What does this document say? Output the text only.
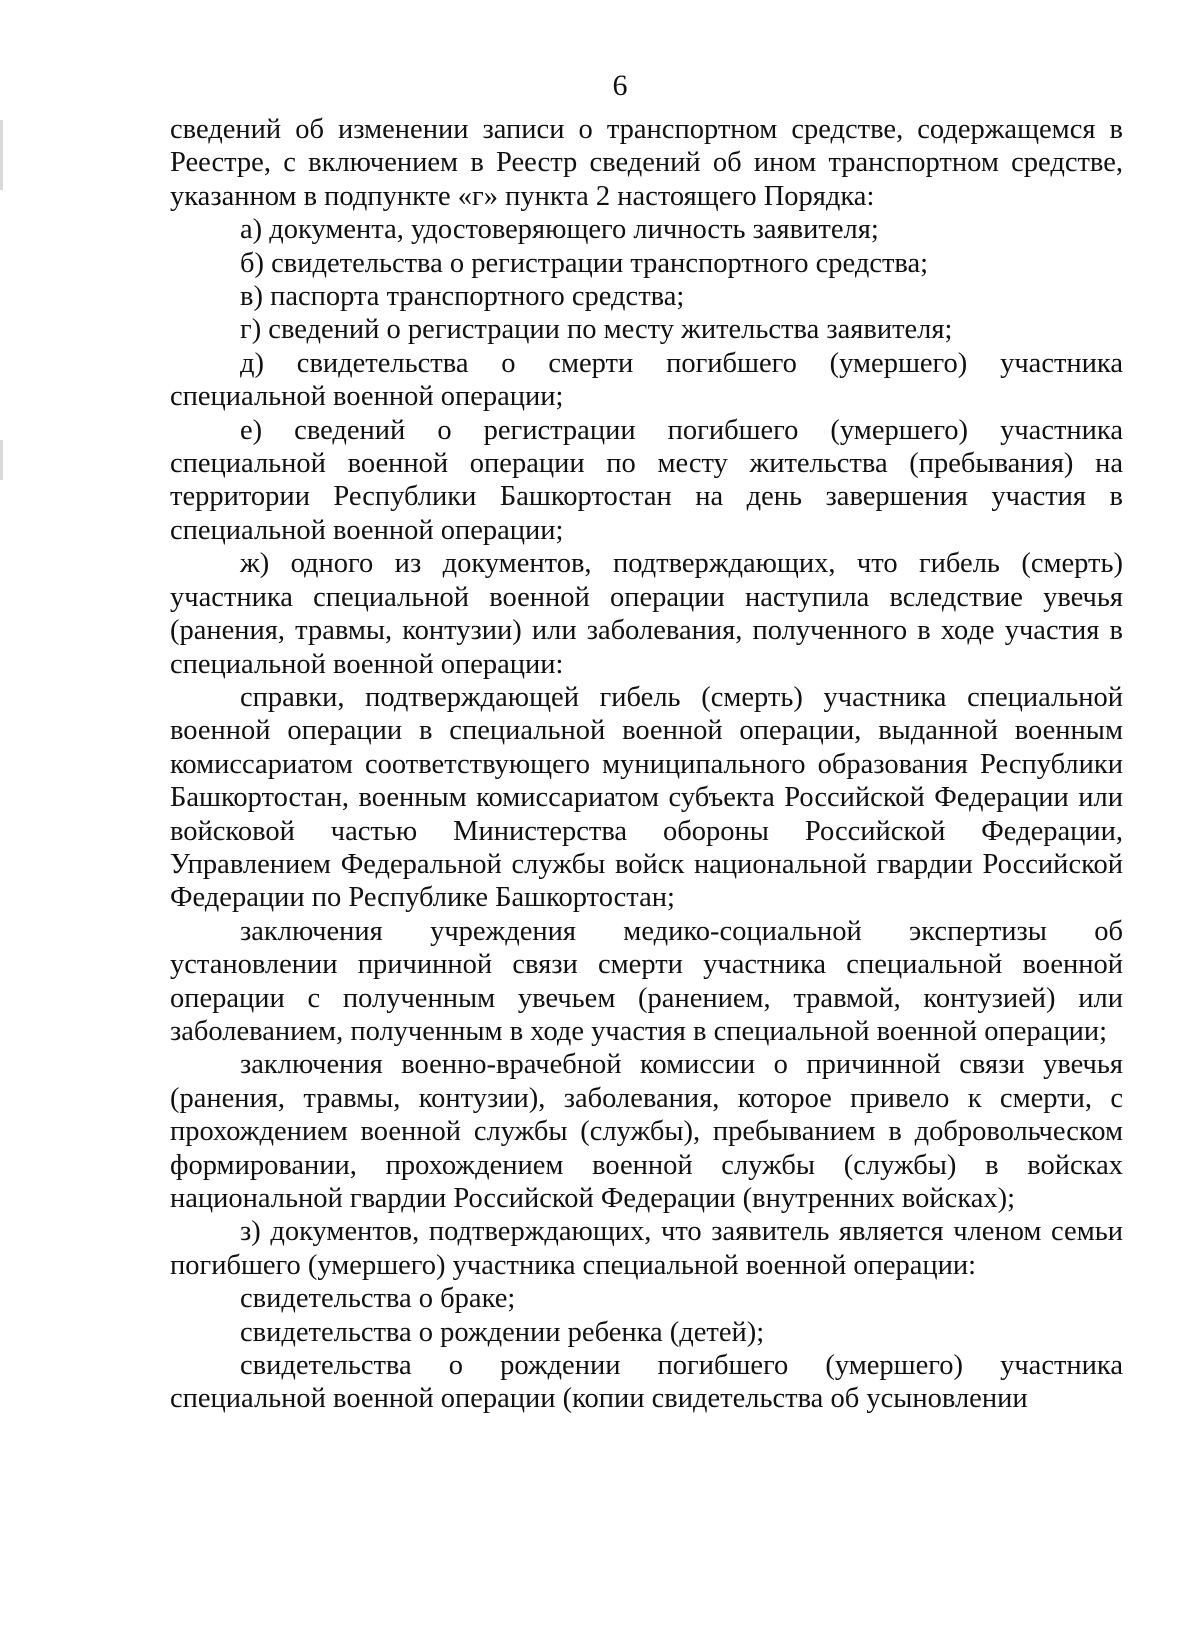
6

сведений об изменении записи о транспортном средстве, содержащемся в Реестре, с включением в Реестр сведений об ином транспортном средстве, указанном в подпункте «г» пункта 2 настоящего Порядка:

а) документа, удостоверяющего личность заявителя;

б) свидетельства о регистрации транспортного средства;

в) паспорта транспортного средства;

г) сведений о регистрации по месту жительства заявителя;

д) свидетельства о смерти погибшего (умершего) участника специальной военной операции;

е) сведений о регистрации погибшего (умершего) участника специальной военной операции по месту жительства (пребывания) на территории Республики Башкортостан на день завершения участия в специальной военной операции;

ж) одного из документов, подтверждающих, что гибель (смерть) участника специальной военной операции наступила вследствие увечья (ранения, травмы, контузии) или заболевания, полученного в ходе участия в специальной военной операции:

справки, подтверждающей гибель (смерть) участника специальной военной операции в специальной военной операции, выданной военным комиссариатом соответствующего муниципального образования Республики Башкортостан, военным комиссариатом субъекта Российской Федерации или войсковой частью Министерства обороны Российской Федерации, Управлением Федеральной службы войск национальной гвардии Российской Федерации по Республике Башкортостан;

заключения учреждения медико-социальной экспертизы об установлении причинной связи смерти участника специальной военной операции с полученным увечьем (ранением, травмой, контузией) или заболеванием, полученным в ходе участия в специальной военной операции;

заключения военно-врачебной комиссии о причинной связи увечья (ранения, травмы, контузии), заболевания, которое привело к смерти, с прохождением военной службы (службы), пребыванием в добровольческом формировании, прохождением военной службы (службы) в войсках национальной гвардии Российской Федерации (внутренних войсках);

з) документов, подтверждающих, что заявитель является членом семьи погибшего (умершего) участника специальной военной операции:

свидетельства о браке;

свидетельства о рождении ребенка (детей);

свидетельства о рождении погибшего (умершего) участника специальной военной операции (копии свидетельства об усыновлении
